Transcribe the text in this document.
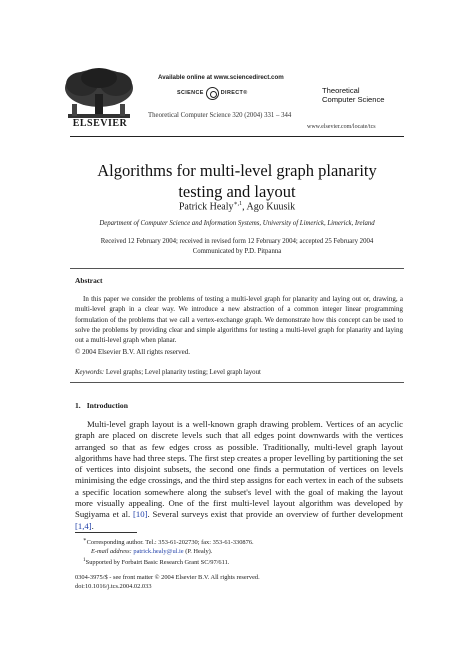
ELSEVIER
Available online at www.sciencedirect.com
SCIENCE	DIRECT®
Theoretical Computer Science 320 (2004) 331 – 344
Theoretical
Computer Science
www.elsevier.com/locate/tcs
Algorithms for multi-level graph planarity
testing and layout
Patrick Healy$^{∗,1}$, Ago Kuusik
Department of Computer Science and Information Systems, University of Limerick, Limerick, Ireland
Received 12 February 2004; received in revised form 12 February 2004; accepted 25 February 2004
Communicated by P.D. Pitpanna
Abstract

In this paper we consider the problems of testing a multi-level graph for planarity and laying out or, drawing, a multi-level graph in a clear way. We introduce a new abstraction of a common integer linear programming formulation of the problems that we call a vertex-exchange graph. We demonstrate how this concept can be used to solve the problems by providing clear and simple algorithms for testing a multi-level graph for planarity and laying out a multi-level graph when planar.

© 2004 Elsevier B.V. All rights reserved.
Keywords: Level graphs; Level planarity testing; Level graph layout
1. Introduction

Multi-level graph layout is a well-known graph drawing problem. Vertices of an acyclic graph are placed on discrete levels such that all edges point downwards with the vertices arranged so that as few edges cross as possible. Traditionally, multi-level graph layout algorithms have had three steps. The first step creates a proper levelling by partitioning the set of vertices into disjoint subsets, the second one finds a permutation of vertices on levels minimising the edge crossings, and the third step assigns for each vertex in each of the subsets a specific location somewhere along the subset's level with the goal of making the layout more visually appealing. One of the first multi-level layout algorithm was developed by Sugiyama et al. [10]. Several surveys exist that provide an overview of further development [1,4].

∗Corresponding author. Tel.: 353-61-202730; fax: 353-61-330876.
E-mail address: patrick.healy@ul.ie (P. Healy).
$^1$Supported by Forbairt Basic Research Grant SC/97/611.
0304-3975/$ - see front matter © 2004 Elsevier B.V. All rights reserved.
doi:10.1016/j.tcs.2004.02.033
